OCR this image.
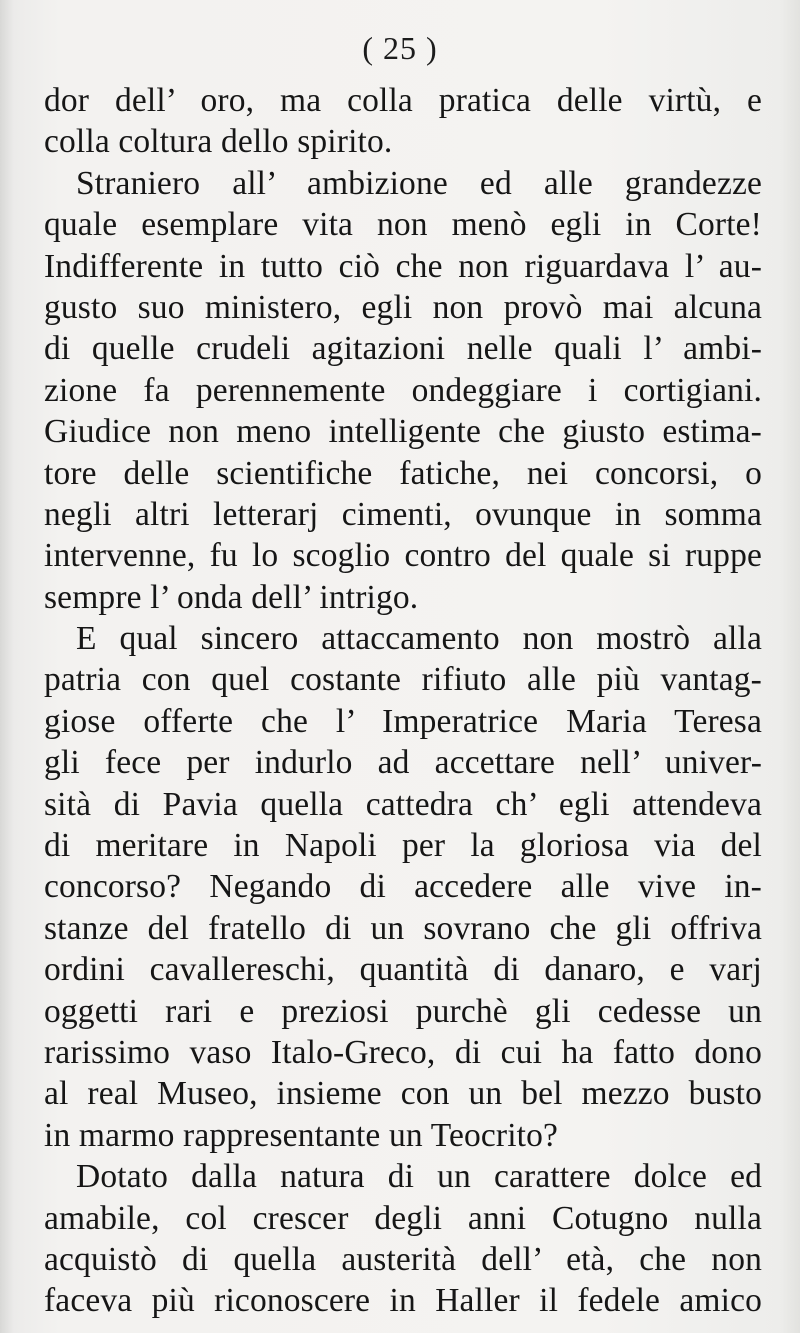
( 25 )
dor dell’ oro, ma colla pratica delle virtù, e
colla coltura dello spirito.
Straniero all’ ambizione ed alle grandezze
quale esemplare vita non menò egli in Corte!
Indifferente in tutto ciò che non riguardava l’ au-
gusto suo ministero, egli non provò mai alcuna
di quelle crudeli agitazioni nelle quali l’ ambi-
zione fa perennemente ondeggiare i cortigiani.
Giudice non meno intelligente che giusto estima-
tore delle scientifiche fatiche, nei concorsi, o
negli altri letterarj cimenti, ovunque in somma
intervenne, fu lo scoglio contro del quale si ruppe
sempre l’ onda dell’ intrigo.
E qual sincero attaccamento non mostrò alla
patria con quel costante rifiuto alle più vantag-
giose offerte che l’ Imperatrice Maria Teresa
gli fece per indurlo ad accettare nell’ univer-
sità di Pavia quella cattedra ch’ egli attendeva
di meritare in Napoli per la gloriosa via del
concorso? Negando di accedere alle vive in-
stanze del fratello di un sovrano che gli offriva
ordini cavallereschi, quantità di danaro, e varj
oggetti rari e preziosi purchè gli cedesse un
rarissimo vaso Italo-Greco, di cui ha fatto dono
al real Museo, insieme con un bel mezzo busto
in marmo rappresentante un Teocrito?
Dotato dalla natura di un carattere dolce ed
amabile, col crescer degli anni Cotugno nulla
acquistò di quella austerità dell’ età, che non
faceva più riconoscere in Haller il fedele amico
